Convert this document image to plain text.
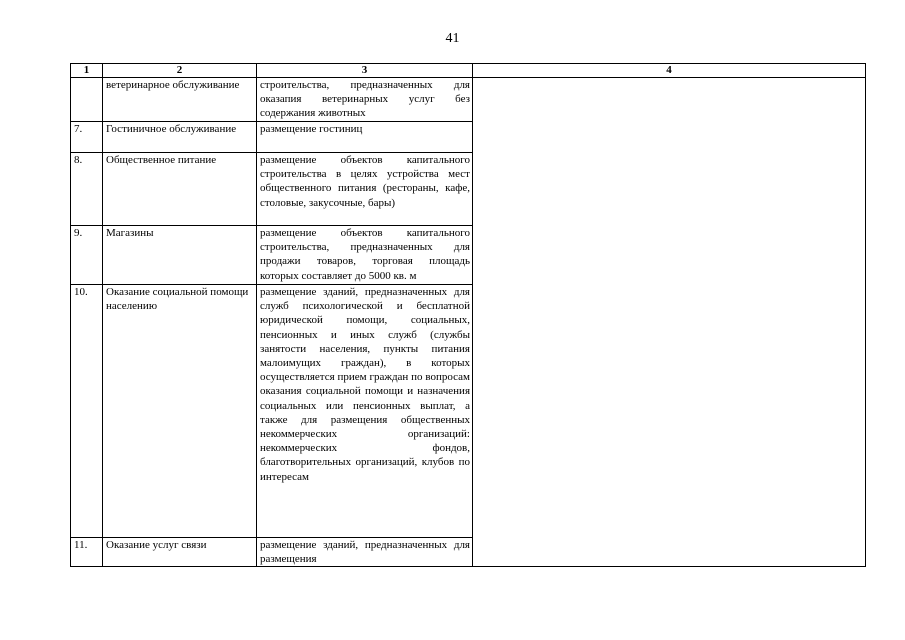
41
1	2	3	4
	ветеринарное обслуживание	строительства, предназначенных для оказапия ветеринарных услуг без содержания животных	
7.	Гостиничное обслуживание	размещение гостиниц	
8.	Общественное питание	размещение объектов капитального строительства в целях устройства мест общественного питания (рестораны, кафе, столовые, закусочные, бары)	
9.	Магазины	размещение объектов капитального строительства, предназначенных для продажи товаров, торговая площадь которых составляет до 5000 кв. м	
10.	Оказание социальной помощи населению	размещение зданий, предназначенных для служб психологической и бесплатной юридической помощи, социальных, пенсионных и иных служб (службы занятости населения, пункты питания малоимущих граждан), в которых осуществляется прием граждан по вопросам оказания социальной помощи и назначения социальных или пенсионных выплат, а также для размещения общественных некоммерческих организаций: некоммерческих фондов, благотворительных организаций, клубов по интересам	
11.	Оказание услуг связи	размещение зданий, предназначенных для размещения	
